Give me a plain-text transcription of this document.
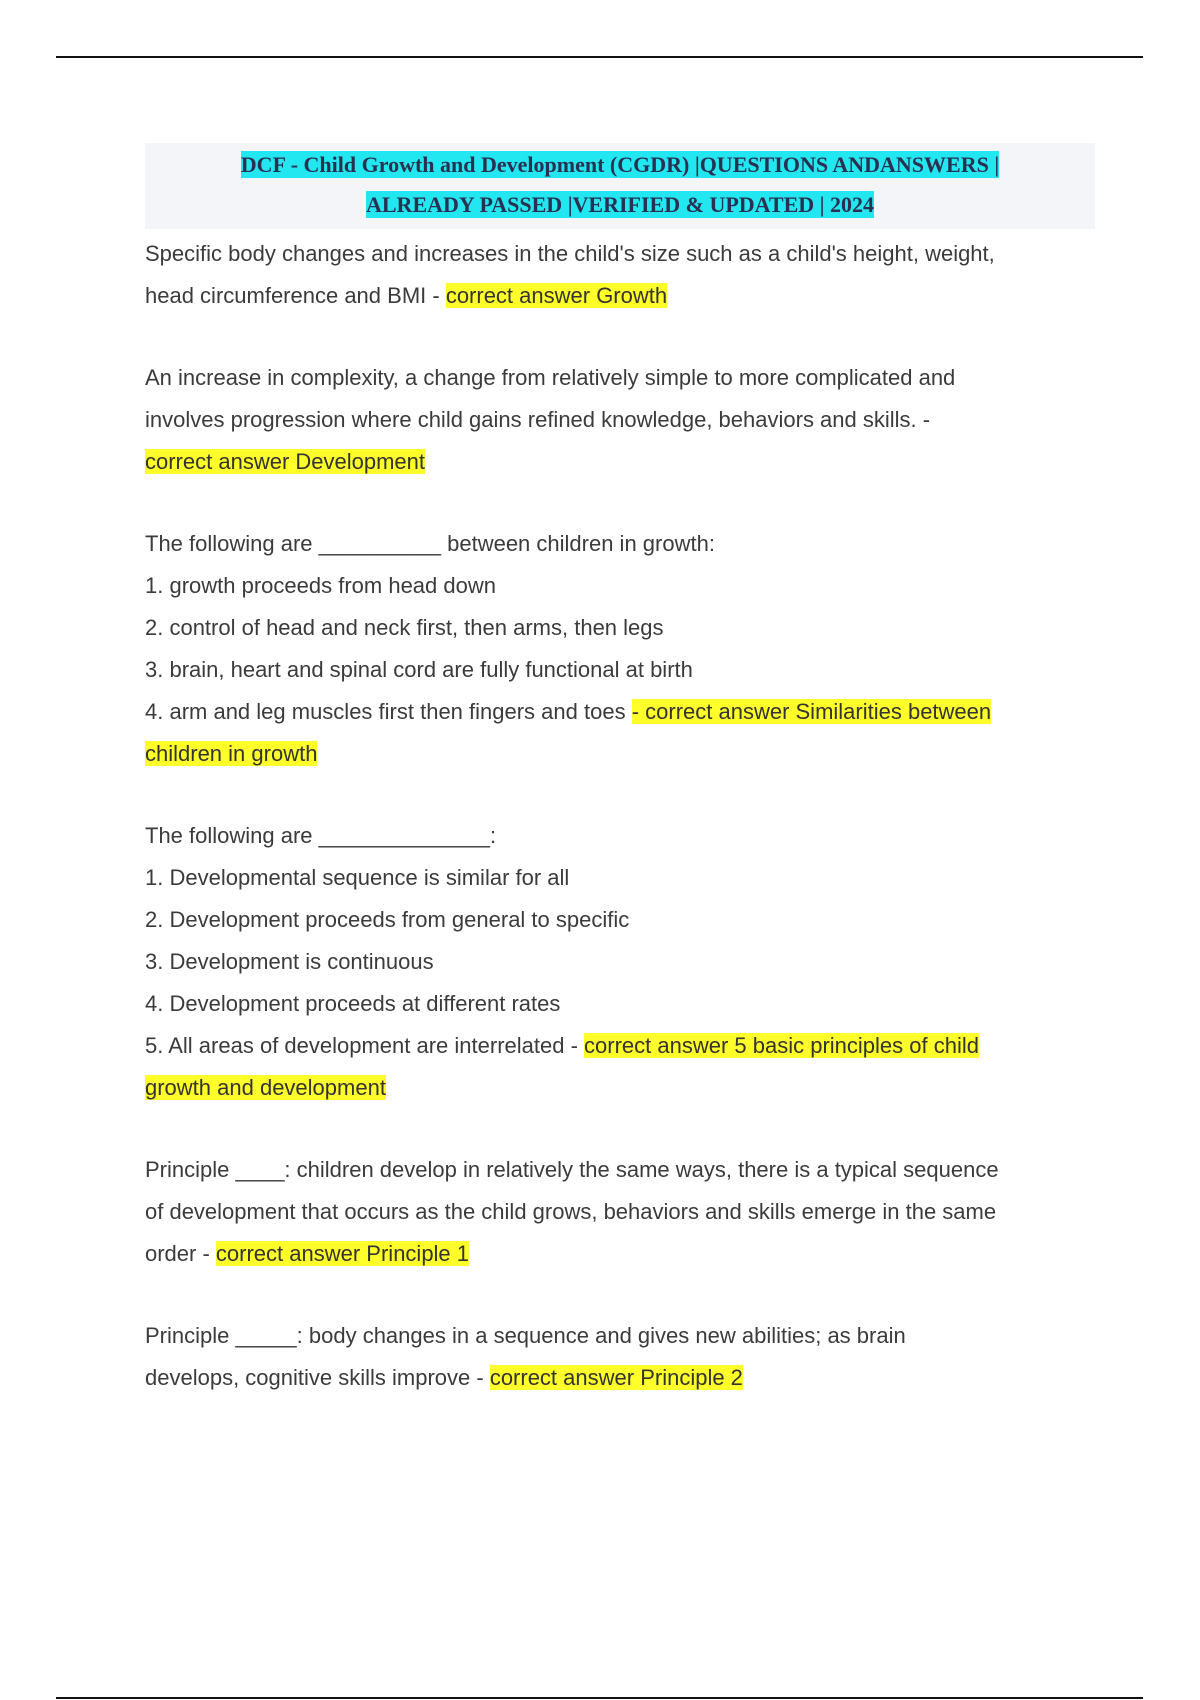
DCF - Child Growth and Development (CGDR) |QUESTIONS ANDANSWERS |
ALREADY PASSED |VERIFIED & UPDATED | 2024
Specific body changes and increases in the child's size such as a child's height, weight,
head circumference and BMI - correct answer Growth
An increase in complexity, a change from relatively simple to more complicated and
involves progression where child gains refined knowledge, behaviors and skills. -
correct answer Development
The following are __________ between children in growth:
1. growth proceeds from head down
2. control of head and neck first, then arms, then legs
3. brain, heart and spinal cord are fully functional at birth
4. arm and leg muscles first then fingers and toes - correct answer Similarities between
children in growth
The following are ______________:
1. Developmental sequence is similar for all
2. Development proceeds from general to specific
3. Development is continuous
4. Development proceeds at different rates
5. All areas of development are interrelated - correct answer 5 basic principles of child
growth and development
Principle ____: children develop in relatively the same ways, there is a typical sequence
of development that occurs as the child grows, behaviors and skills emerge in the same
order - correct answer Principle 1
Principle _____: body changes in a sequence and gives new abilities; as brain
develops, cognitive skills improve - correct answer Principle 2
